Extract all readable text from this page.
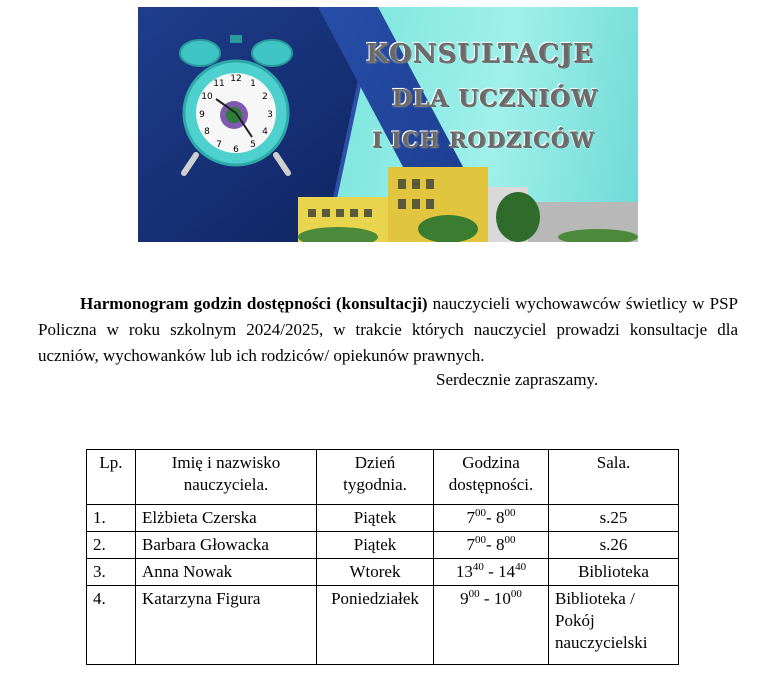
12 1
2
3
4
5
6
7
8
9
10
11
KONSULTACJE
DLA UCZNIÓW
I ICH RODZICÓW

Harmonogram godzin dostępności (konsultacji) nauczycieli wychowawców świetlicy w PSP Policzna w roku szkolnym 2024/2025, w trakcie których nauczyciel prowadzi konsultacje dla uczniów, wychowanków lub ich rodziców/ opiekunów prawnych.

Serdecznie zapraszamy.

Lp.	Imię i nazwisko nauczyciela.	Dzień tygodnia.	Godzina dostępności.	Sala.
1.	Elżbieta Czerska	Piątek	$7^{00}-$ $8^{00}$	s.25
2.	Barbara Głowacka	Piątek	$7^{00}-$ $8^{00}$	s.26
3.	Anna Nowak	Wtorek	$13^{40} - 14^{40}$	Biblioteka
4.	Katarzyna Figura	Poniedziałek	$9^{00} - 10^{00}$	Biblioteka / Pokój nauczycielski
